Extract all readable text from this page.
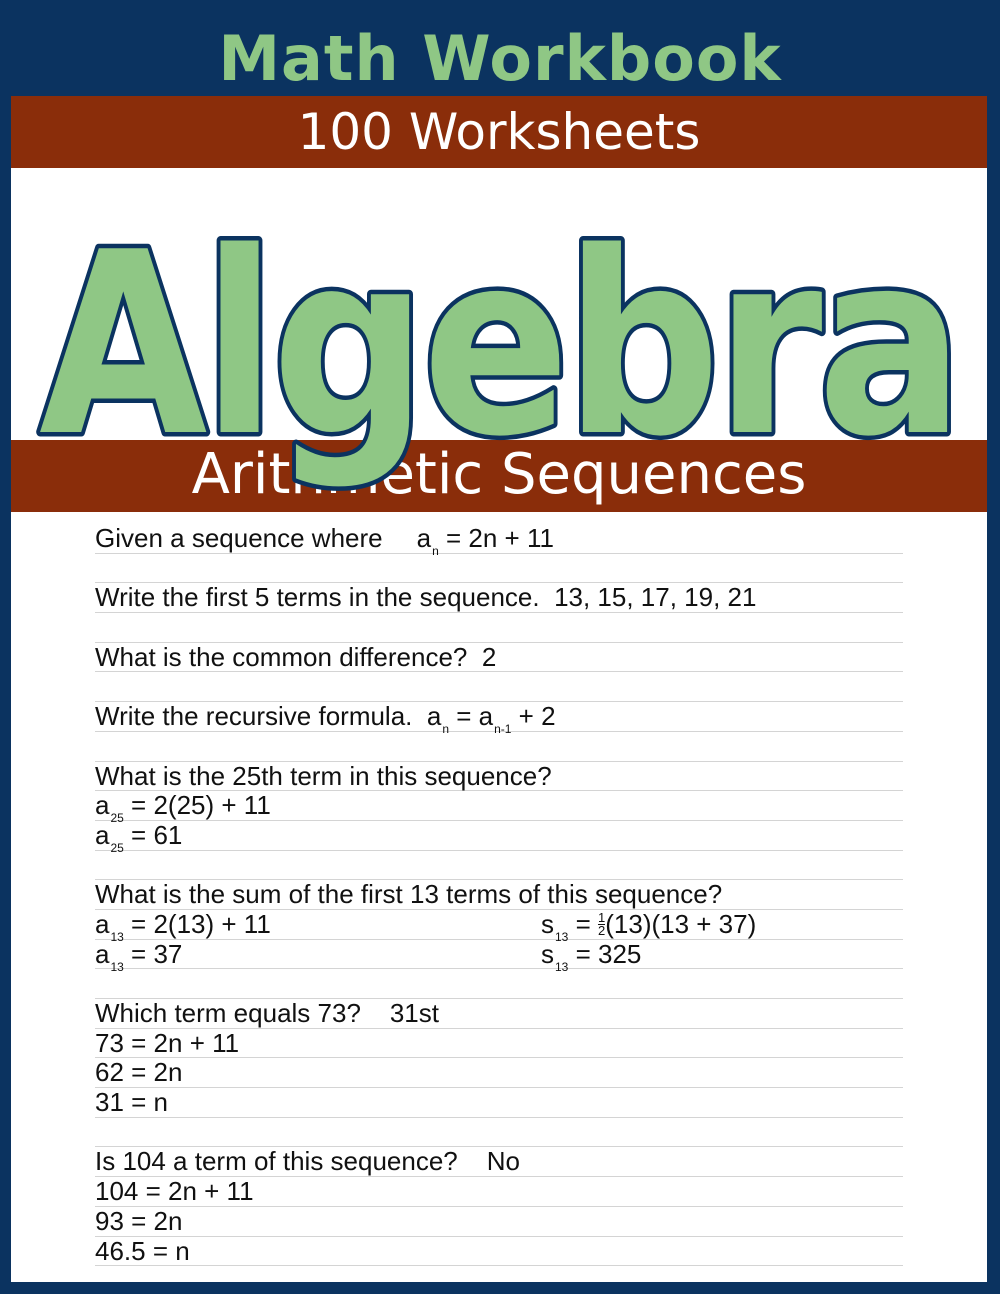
Math Workbook
100 Worksheets
Arithmetic Sequences
Algebra
Given a sequence where $a_n = 2n + 11$
Write the first 5 terms in the sequence. 13, 15, 17, 19, 21
What is the common difference? 2
Write the recursive formula. $a_n = a_{n-1} + 2$
What is the 25th term in this sequence?
$a_{25} = 2(25) + 11$
$a_{25} = 61$
What is the sum of the first 13 terms of this sequence?
$a_{13} = 2(13) + 11$	$s_{13} = \frac{1}{2} (13)(13 + 37)$
$a_{13} = 37$	$s_{13} = 325$
Which term equals 73? 31st
73 = 2n + 11
62 = 2n
31 = n
Is 104 a term of this sequence? No
104 = 2n + 11
93 = 2n
46.5 = n
